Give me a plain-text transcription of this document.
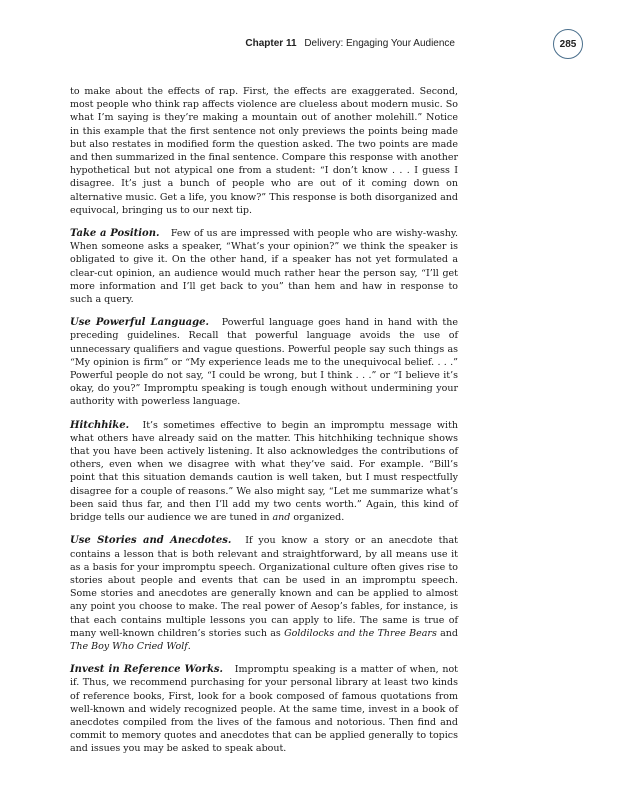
Chapter 11 Delivery: Engaging Your Audience	285

to make about the effects of rap. First, the effects are exaggerated. Second, most people who think rap affects violence are clueless about modern music. So what I’m saying is they’re making a mountain out of another molehill.” Notice in this example that the first sentence not only previews the points being made but also restates in modified form the question asked. The two points are made and then summarized in the final sentence. Compare this response with another hypothetical but not atypical one from a student: “I don’t know . . . I guess I disagree. It’s just a bunch of people who are out of it coming down on alternative music. Get a life, you know?” This response is both disorganized and equivocal, bringing us to our next tip.

Take a Position. Few of us are impressed with people who are wishy-washy. When someone asks a speaker, “What’s your opinion?” we think the speaker is obligated to give it. On the other hand, if a speaker has not yet formulated a clear-cut opinion, an audience would much rather hear the person say, “I’ll get more information and I’ll get back to you” than hem and haw in response to such a query.

Use Powerful Language. Powerful language goes hand in hand with the preceding guidelines. Recall that powerful language avoids the use of unnecessary qualifiers and vague questions. Powerful people say such things as “My opinion is firm” or “My experience leads me to the unequivocal belief. . . .” Powerful people do not say, “I could be wrong, but I think . . .” or “I believe it’s okay, do you?” Impromptu speaking is tough enough without undermining your authority with powerless language.

Hitchhike. It’s sometimes effective to begin an impromptu message with what others have already said on the matter. This hitchhiking technique shows that you have been actively listening. It also acknowledges the contributions of others, even when we disagree with what they’ve said. For example. “Bill’s point that this situation demands caution is well taken, but I must respectfully disagree for a couple of reasons.” We also might say, “Let me summarize what’s been said thus far, and then I’ll add my two cents worth.” Again, this kind of bridge tells our audience we are tuned in and organized.

Use Stories and Anecdotes. If you know a story or an anecdote that contains a lesson that is both relevant and straightforward, by all means use it as a basis for your impromptu speech. Organizational culture often gives rise to stories about people and events that can be used in an impromptu speech. Some stories and anecdotes are generally known and can be applied to almost any point you choose to make. The real power of Aesop’s fables, for instance, is that each contains multiple lessons you can apply to life. The same is true of many well-known children’s stories such as Goldilocks and the Three Bears and The Boy Who Cried Wolf.

Invest in Reference Works. Impromptu speaking is a matter of when, not if. Thus, we recommend purchasing for your personal library at least two kinds of reference books, First, look for a book composed of famous quotations from well-known and widely recognized people. At the same time, invest in a book of anecdotes compiled from the lives of the famous and notorious. Then find and commit to memory quotes and anecdotes that can be applied generally to topics and issues you may be asked to speak about.
